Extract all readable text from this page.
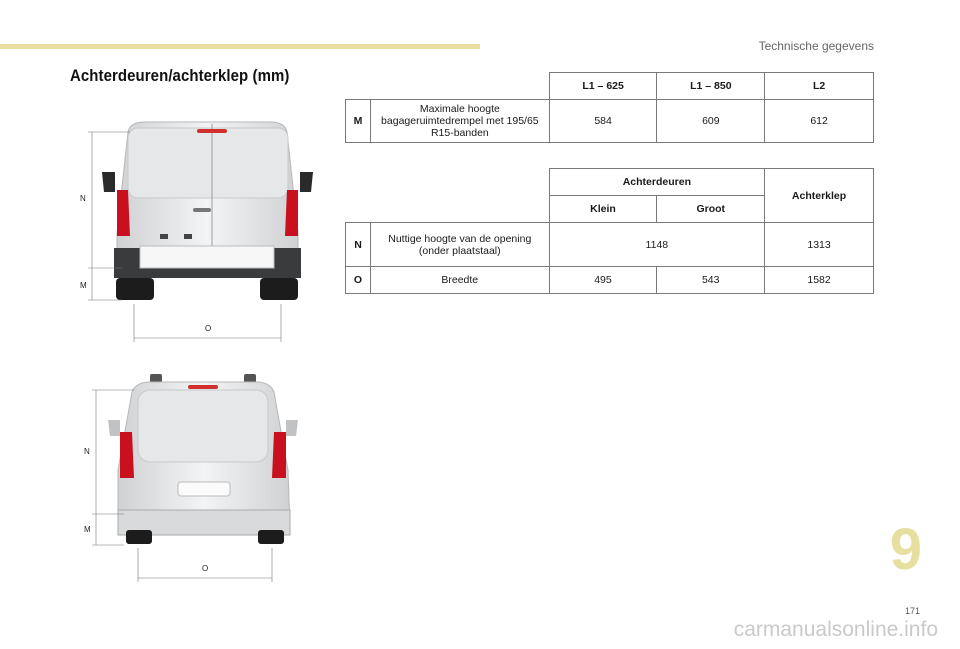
Technische gegevens
Achterdeuren/achterklep (mm)
N
M
O
N
M
O
		L1 – 625	L1 – 850	L2
M	Maximale hoogte bagageruimtedrempel met 195/65 R15-banden	584	609	612
		Achterdeuren		Achterklep
		Klein	Groot	
N	Nuttige hoogte van de opening (onder plaatstaal)	1148		1313
O	Breedte	495	543	1582
9
171
carmanualsonline.info
